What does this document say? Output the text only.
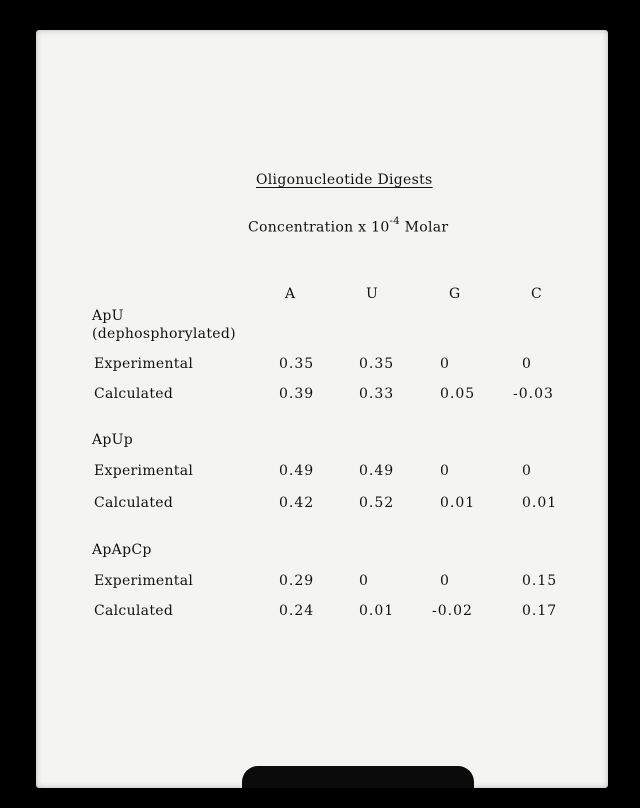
Oligonucleotide Digests
Concentration x $10^{-4}$ Molar
A	U	G	C
ApU
(dephosphorylated)
Experimental	0.35	0.35	0	0
Calculated	0.39	0.33	0.05	-0.03
ApUp
Experimental	0.49	0.49	0	0
Calculated	0.42	0.52	0.01	0.01
ApApCp
Experimental	0.29	0	0	0.15
Calculated	0.24	0.01	-0.02	0.17
